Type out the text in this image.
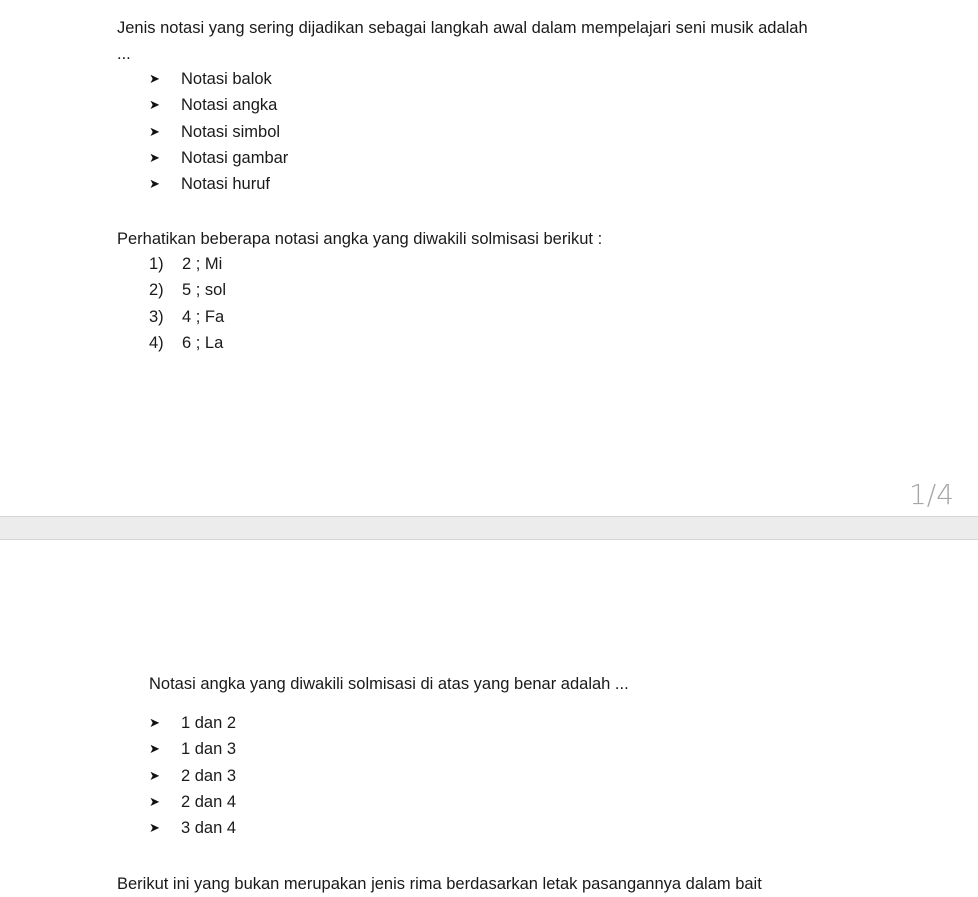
Jenis notasi yang sering dijadikan sebagai langkah awal dalam mempelajari seni musik adalah
...
➤	Notasi balok
➤	Notasi angka
➤	Notasi simbol
➤	Notasi gambar
➤	Notasi huruf
Perhatikan beberapa notasi angka yang diwakili solmisasi berikut :
1)	2 ; Mi
2)	5 ; sol
3)	4 ; Fa
4)	6 ; La
1/4
Notasi angka yang diwakili solmisasi di atas yang benar adalah ...
➤	1 dan 2
➤	1 dan 3
➤	2 dan 3
➤	2 dan 4
➤	3 dan 4
Berikut ini yang bukan merupakan jenis rima berdasarkan letak pasangannya dalam bait
